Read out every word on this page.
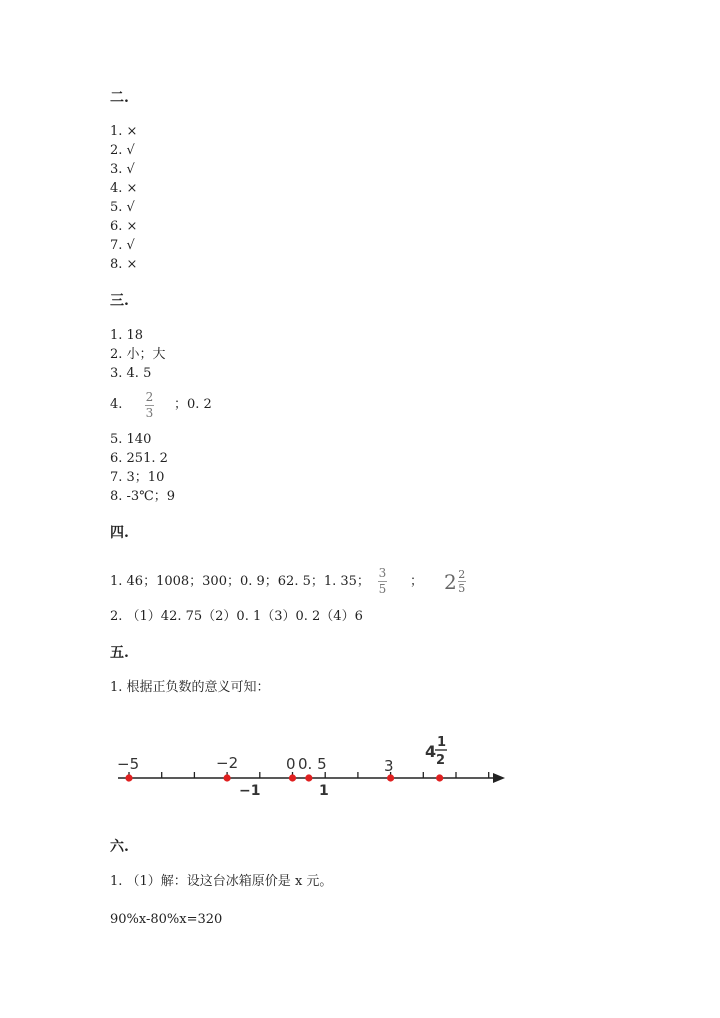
二.
1. ×
2. √
3. √
4. ×
5. √
6. ×
7. √
8. ×
三.
1. 18
2. 小；大
3. 4. 5
4. 2
3
；0. 2
5. 140
6. 251. 2
7. 3；10
8. -3℃；9
四.
1. 46；1008；300；0. 9；62. 5；1. 35；
3
5 ； 2 2
5
2. （1）42. 75（2）0. 1（3）0. 2（4）6
五.
1. 根据正负数的意义可知：
−5	−2
−1
0 0. 5
1
3
4 1
2
六.
1. （1）解：设这台冰箱原价是 x 元。
90%x-80%x=320
